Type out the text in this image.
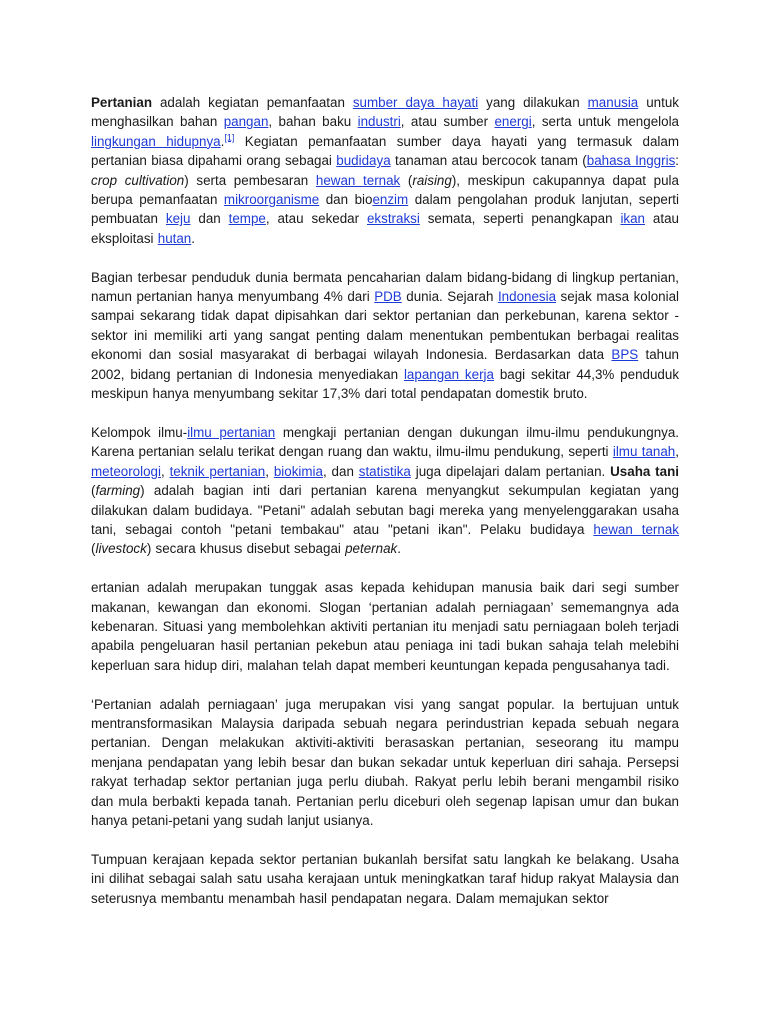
Pertanian adalah kegiatan pemanfaatan sumber daya hayati yang dilakukan manusia untuk menghasilkan bahan pangan, bahan baku industri, atau sumber energi, serta untuk mengelola lingkungan hidupnya.[1] Kegiatan pemanfaatan sumber daya hayati yang termasuk dalam pertanian biasa dipahami orang sebagai budidaya tanaman atau bercocok tanam (bahasa Inggris: crop cultivation) serta pembesaran hewan ternak (raising), meskipun cakupannya dapat pula berupa pemanfaatan mikroorganisme dan bioenzim dalam pengolahan produk lanjutan, seperti pembuatan keju dan tempe, atau sekedar ekstraksi semata, seperti penangkapan ikan atau eksploitasi hutan.

Bagian terbesar penduduk dunia bermata pencaharian dalam bidang-bidang di lingkup pertanian, namun pertanian hanya menyumbang 4% dari PDB dunia. Sejarah Indonesia sejak masa kolonial sampai sekarang tidak dapat dipisahkan dari sektor pertanian dan perkebunan, karena sektor - sektor ini memiliki arti yang sangat penting dalam menentukan pembentukan berbagai realitas ekonomi dan sosial masyarakat di berbagai wilayah Indonesia. Berdasarkan data BPS tahun 2002, bidang pertanian di Indonesia menyediakan lapangan kerja bagi sekitar 44,3% penduduk meskipun hanya menyumbang sekitar 17,3% dari total pendapatan domestik bruto.

Kelompok ilmu-ilmu pertanian mengkaji pertanian dengan dukungan ilmu-ilmu pendukungnya. Karena pertanian selalu terikat dengan ruang dan waktu, ilmu-ilmu pendukung, seperti ilmu tanah, meteorologi, teknik pertanian, biokimia, dan statistika juga dipelajari dalam pertanian. Usaha tani (farming) adalah bagian inti dari pertanian karena menyangkut sekumpulan kegiatan yang dilakukan dalam budidaya. "Petani" adalah sebutan bagi mereka yang menyelenggarakan usaha tani, sebagai contoh "petani tembakau" atau "petani ikan". Pelaku budidaya hewan ternak (livestock) secara khusus disebut sebagai peternak.

ertanian adalah merupakan tunggak asas kepada kehidupan manusia baik dari segi sumber makanan, kewangan dan ekonomi. Slogan ‘pertanian adalah perniagaan’ sememangnya ada kebenaran. Situasi yang membolehkan aktiviti pertanian itu menjadi satu perniagaan boleh terjadi apabila pengeluaran hasil pertanian pekebun atau peniaga ini tadi bukan sahaja telah melebihi keperluan sara hidup diri, malahan telah dapat memberi keuntungan kepada pengusahanya tadi.

‘Pertanian adalah perniagaan’ juga merupakan visi yang sangat popular. Ia bertujuan untuk mentransformasikan Malaysia daripada sebuah negara perindustrian kepada sebuah negara pertanian. Dengan melakukan aktiviti-aktiviti berasaskan pertanian, seseorang itu mampu menjana pendapatan yang lebih besar dan bukan sekadar untuk keperluan diri sahaja. Persepsi rakyat terhadap sektor pertanian juga perlu diubah. Rakyat perlu lebih berani mengambil risiko dan mula berbakti kepada tanah. Pertanian perlu diceburi oleh segenap lapisan umur dan bukan hanya petani-petani yang sudah lanjut usianya.

Tumpuan kerajaan kepada sektor pertanian bukanlah bersifat satu langkah ke belakang. Usaha ini dilihat sebagai salah satu usaha kerajaan untuk meningkatkan taraf hidup rakyat Malaysia dan seterusnya membantu menambah hasil pendapatan negara. Dalam memajukan sektor
